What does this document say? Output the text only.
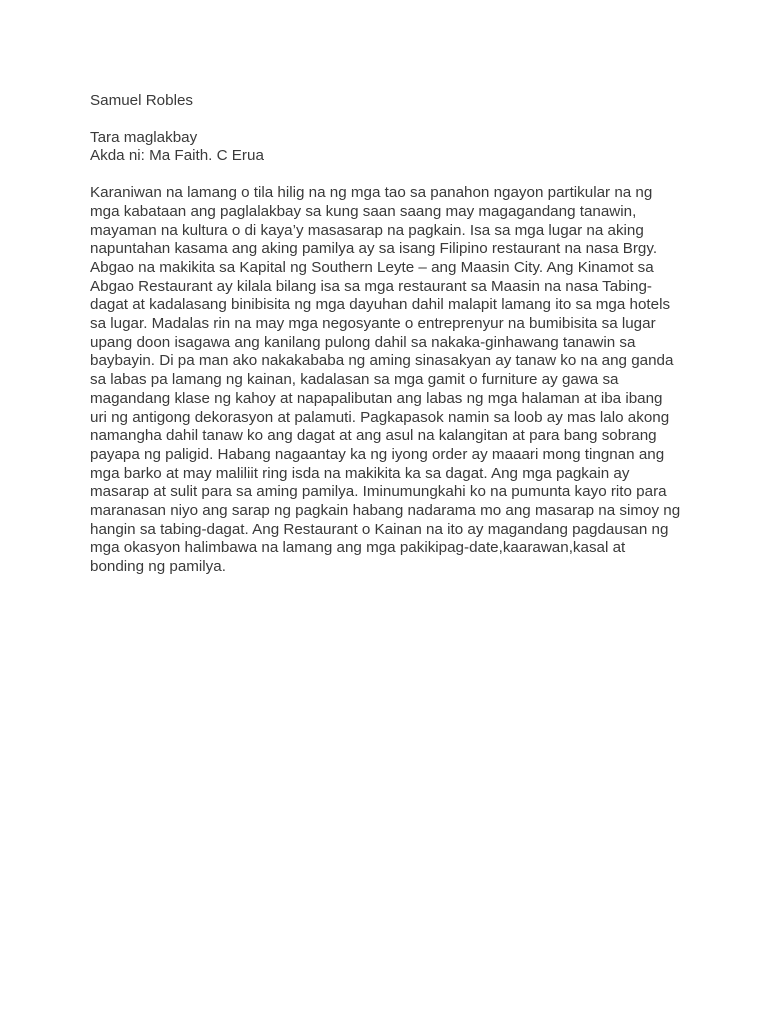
Samuel Robles
Tara maglakbay
Akda ni: Ma Faith. C Erua
Karaniwan na lamang o tila hilig na ng mga tao sa panahon ngayon partikular na ng
mga kabataan ang paglalakbay sa kung saan saang may magagandang tanawin,
mayaman na kultura o di kaya’y masasarap na pagkain. Isa sa mga lugar na aking
napuntahan kasama ang aking pamilya ay sa isang Filipino restaurant na nasa Brgy.
Abgao na makikita sa Kapital ng Southern Leyte – ang Maasin City. Ang Kinamot sa
Abgao Restaurant ay kilala bilang isa sa mga restaurant sa Maasin na nasa Tabing-
dagat at kadalasang binibisita ng mga dayuhan dahil malapit lamang ito sa mga hotels
sa lugar. Madalas rin na may mga negosyante o entreprenyur na bumibisita sa lugar
upang doon isagawa ang kanilang pulong dahil sa nakaka-ginhawang tanawin sa
baybayin. Di pa man ako nakakababa ng aming sinasakyan ay tanaw ko na ang ganda
sa labas pa lamang ng kainan, kadalasan sa mga gamit o furniture ay gawa sa
magandang klase ng kahoy at napapalibutan ang labas ng mga halaman at iba ibang
uri ng antigong dekorasyon at palamuti. Pagkapasok namin sa loob ay mas lalo akong
namangha dahil tanaw ko ang dagat at ang asul na kalangitan at para bang sobrang
payapa ng paligid. Habang nagaantay ka ng iyong order ay maaari mong tingnan ang
mga barko at may maliliit ring isda na makikita ka sa dagat. Ang mga pagkain ay
masarap at sulit para sa aming pamilya. Iminumungkahi ko na pumunta kayo rito para
maranasan niyo ang sarap ng pagkain habang nadarama mo ang masarap na simoy ng
hangin sa tabing-dagat. Ang Restaurant o Kainan na ito ay magandang pagdausan ng
mga okasyon halimbawa na lamang ang mga pakikipag-date,kaarawan,kasal at
bonding ng pamilya.
